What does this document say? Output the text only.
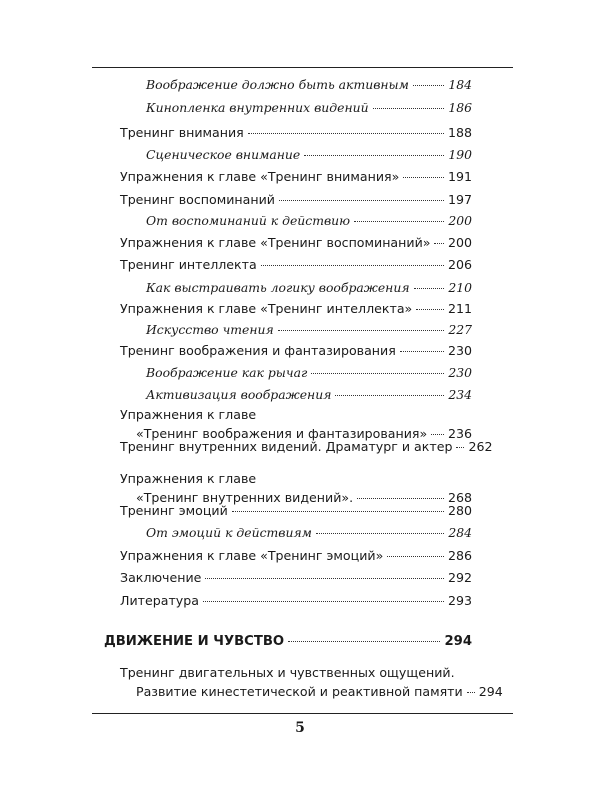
Воображение должно быть активным	184
Кинопленка внутренних видений	186
Тренинг внимания	188
Сценическое внимание	190
Упражнения к главе «Тренинг внимания»	191
Тренинг воспоминаний	197
От воспоминаний к действию	200
Упражнения к главе «Тренинг воспоминаний» 200
Тренинг интеллекта	206
Как выстраивать логику воображения	210
Упражнения к главе «Тренинг интеллекта»	211
Искусство чтения	227
Тренинг воображения и фантазирования	230
Воображение как рычаг	230
Активизация воображения	234
Упражнения к главе
«Тренинг воображения и фантазирования» 236
Тренинг внутренних видений. Драматург и актер 262
Упражнения к главе
«Тренинг внутренних видений».	268
Тренинг эмоций	280
От эмоций к действиям	284
Упражнения к главе «Тренинг эмоций»	286
Заключение	292
Литература	293
ДВИЖЕНИЕ И ЧУВСТВО	294
Тренинг двигательных и чувственных ощущений.
Развитие кинестетической и реактивной памяти 294
5
